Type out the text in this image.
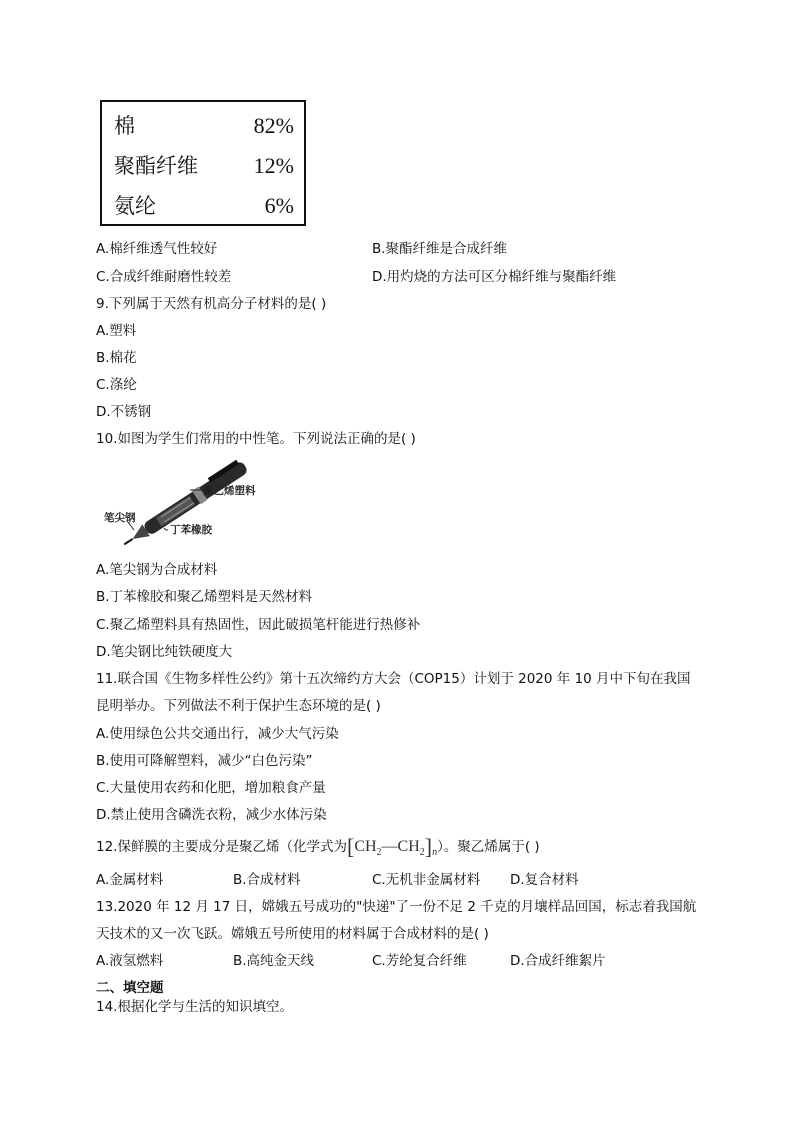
棉	82%
聚酯纤维	12%
氨纶	6%
A.棉纤维透气性较好	B.聚酯纤维是合成纤维
C.合成纤维耐磨性较差	D.用灼烧的方法可区分棉纤维与聚酯纤维
9.下列属于天然有机高分子材料的是( )
A.塑料
B.棉花
C.涤纶
D.不锈钢
10.如图为学生们常用的中性笔。下列说法正确的是( )
聚乙烯塑料
笔尖钢
丁苯橡胶
A.笔尖钢为合成材料
B.丁苯橡胶和聚乙烯塑料是天然材料
C.聚乙烯塑料具有热固性，因此破损笔杆能进行热修补
D.笔尖钢比纯铁硬度大
11.联合国《生物多样性公约》第十五次缔约方大会（COP15）计划于 2020 年 10 月中下旬在我国
昆明举办。下列做法不利于保护生态环境的是( )
A.使用绿色公共交通出行，减少大气污染
B.使用可降解塑料，减少“白色污染”
C.大量使用农药和化肥，增加粮食产量
D.禁止使用含磷洗衣粉，减少水体污染
12.保鲜膜的主要成分是聚乙烯（化学式为$[CH_2—CH_2]_n$）。聚乙烯属于( )
A.金属材料	B.合成材料	C.无机非金属材料 D.复合材料
13.2020 年 12 月 17 日，嫦娥五号成功的"快递"了一份不足 2 千克的月壤样品回国，标志着我国航
天技术的又一次飞跃。嫦娥五号所使用的材料属于合成材料的是( )
A.液氢燃料	B.高纯金天线	C.芳纶复合纤维	D.合成纤维絮片
二、填空题
14.根据化学与生活的知识填空。
